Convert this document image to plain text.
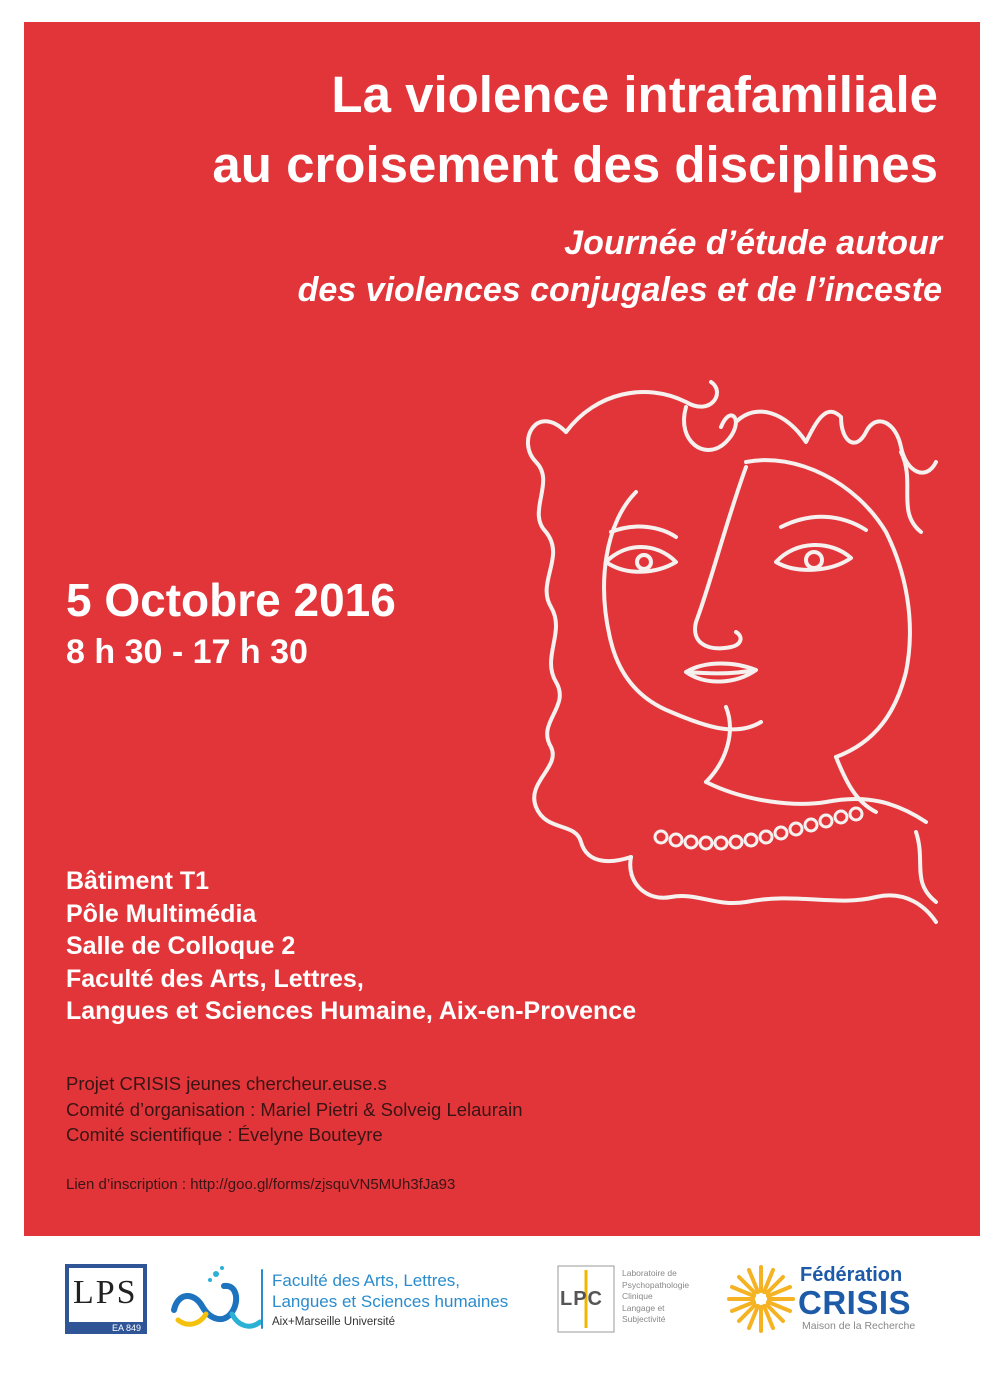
La violence intrafamiliale
au croisement des disciplines
Journée d’étude autour
des violences conjugales et de l’inceste

5 Octobre 2016

8 h 30 - 17 h 30

Bâtiment T1
Pôle Multimédia
Salle de Colloque 2
Faculté des Arts, Lettres,
Langues et Sciences Humaine, Aix-en-Provence
Projet CRISIS jeunes chercheur.euse.s
Comité d’organisation : Mariel Pietri & Solveig Lelaurain
Comité scientifique : Évelyne Bouteyre
Lien d’inscription : http://goo.gl/forms/zjsquVN5MUh3fJa93
LPS
EA 849
Faculté des Arts, Lettres,
Langues et Sciences humaines
Aix+Marseille Université
LPC
Laboratoire de
Psychopathologie
Clinique
Langage et
Subjectivité
Fédération
CRISIS
Maison de la Recherche
